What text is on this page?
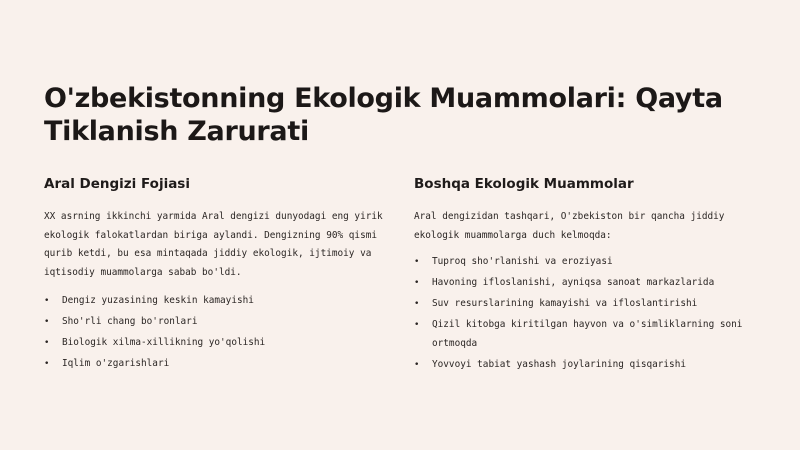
O'zbekistonning Ekologik Muammolari: Qayta Tiklanish Zarurati
Aral Dengizi Fojiasi

XX asrning ikkinchi yarmida Aral dengizi dunyodagi eng yirik ekologik falokatlardan biriga aylandi. Dengizning 90% qismi qurib ketdi, bu esa mintaqada jiddiy ekologik, ijtimoiy va iqtisodiy muammolarga sabab bo'ldi.

• Dengiz yuzasining keskin kamayishi
• Sho'rli chang bo'ronlari
• Biologik xilma-xillikning yo'qolishi
• Iqlim o'zgarishlari
Boshqa Ekologik Muammolar

Aral dengizidan tashqari, O'zbekiston bir qancha jiddiy ekologik muammolarga duch kelmoqda:

• Tuproq sho'rlanishi va eroziyasi
• Havoning ifloslanishi, ayniqsa sanoat markazlarida
• Suv resurslarining kamayishi va ifloslantirishi
• Qizil kitobga kiritilgan hayvon va o'simliklarning soni ortmoqda
• Yovvoyi tabiat yashash joylarining qisqarishi
